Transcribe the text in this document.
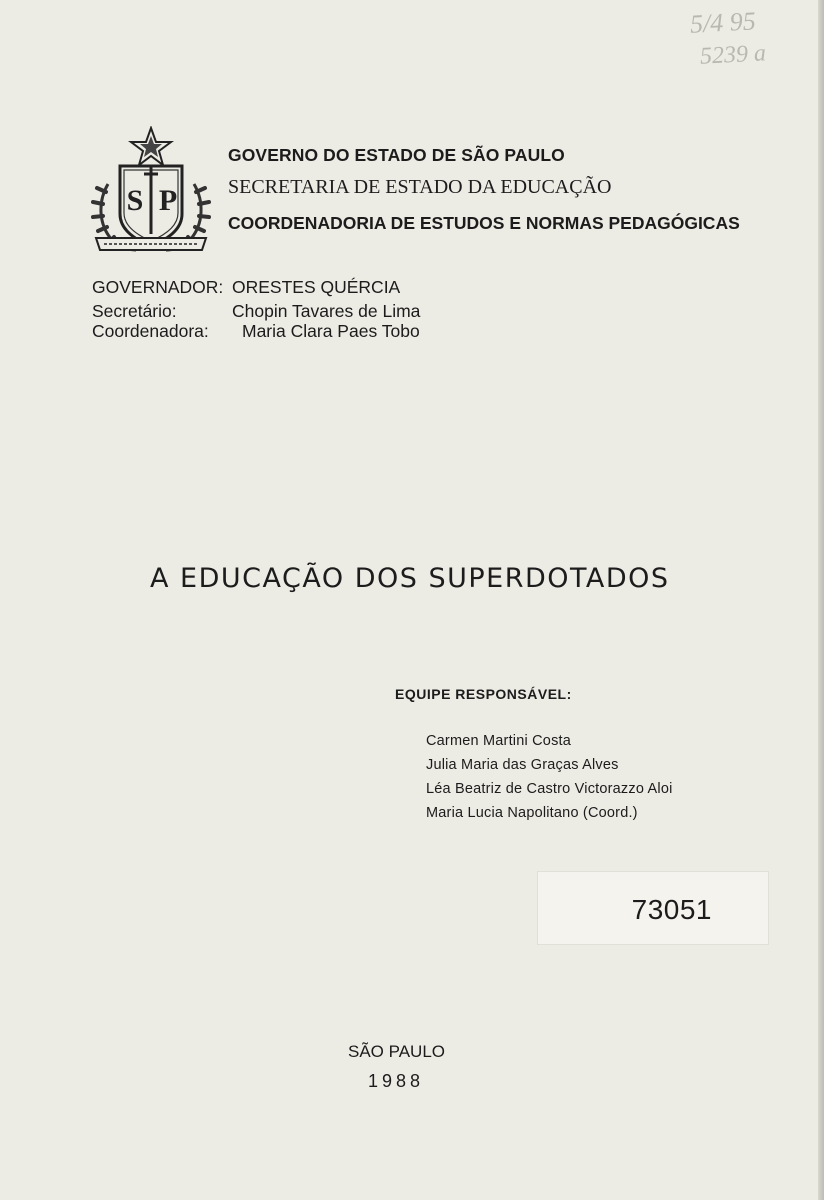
5/4 95
5239 a
S P
GOVERNO DO ESTADO DE SÃO PAULO
SECRETARIA DE ESTADO DA EDUCAÇÃO
COORDENADORIA DE ESTUDOS E NORMAS PEDAGÓGICAS
GOVERNADOR: ORESTES QUÉRCIA
Secretário:	Chopin Tavares de Lima
Coordenadora: Maria Clara Paes Tobo
A EDUCAÇÃO DOS SUPERDOTADOS
EQUIPE RESPONSÁVEL:
Carmen Martini Costa
Julia Maria das Graças Alves
Léa Beatriz de Castro Victorazzo Aloi
Maria Lucia Napolitano (Coord.)
73051
SÃO PAULO
1988
